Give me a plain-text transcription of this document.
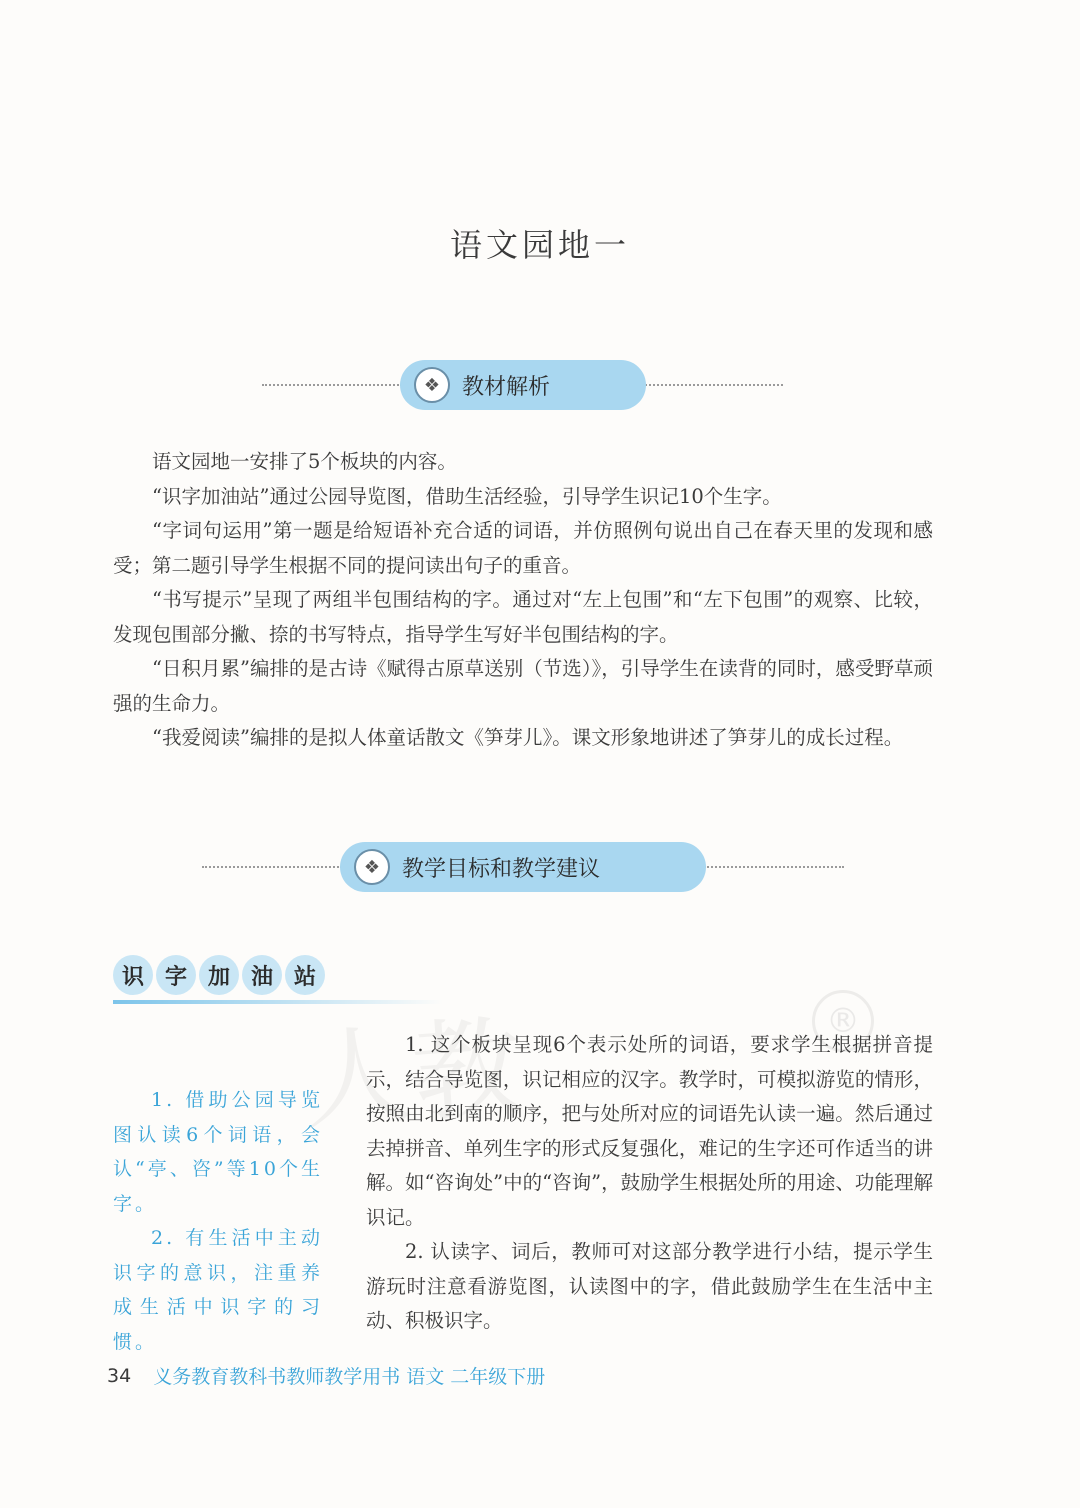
语文园地一
❖ 教材解析

语文园地一安排了5个板块的内容。

“识字加油站”通过公园导览图，借助生活经验，引导学生识记10个生字。

“字词句运用”第一题是给短语补充合适的词语，并仿照例句说出自己在春天里的发现和感受；第二题引导学生根据不同的提问读出句子的重音。

“书写提示”呈现了两组半包围结构的字。通过对“左上包围”和“左下包围”的观察、比较，发现包围部分撇、捺的书写特点，指导学生写好半包围结构的字。

“日积月累”编排的是古诗《赋得古原草送别（节选）》，引导学生在读背的同时，感受野草顽强的生命力。

“我爱阅读”编排的是拟人体童话散文《笋芽儿》。课文形象地讲述了笋芽儿的成长过程。

❖ 教学目标和教学建议
识 字 加 油 站
人教	®

1. 借助公园导览图认读6个词语，会认“亭、咨”等10个生字。

2. 有生活中主动识字的意识，注重养成生活中识字的习惯。

1. 这个板块呈现6个表示处所的词语，要求学生根据拼音提示，结合导览图，识记相应的汉字。教学时，可模拟游览的情形，按照由北到南的顺序，把与处所对应的词语先认读一遍。然后通过去掉拼音、单列生字的形式反复强化，难记的生字还可作适当的讲解。如“咨询处”中的“咨询”，鼓励学生根据处所的用途、功能理解识记。

2. 认读字、词后，教师可对这部分教学进行小结，提示学生游玩时注意看游览图，认读图中的字，借此鼓励学生在生活中主动、积极识字。

34 义务教育教科书教师教学用书 语文 二年级下册
